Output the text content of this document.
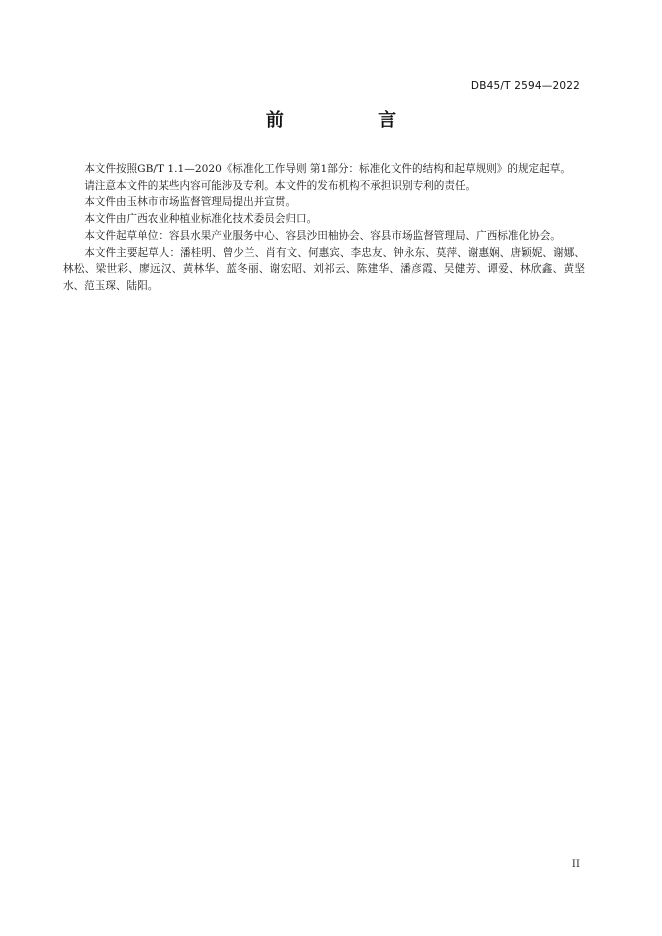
DB45/T 2594—2022
前 言

本文件按照GB/T 1.1—2020《标准化工作导则 第1部分：标准化文件的结构和起草规则》的规定起草。

请注意本文件的某些内容可能涉及专利。本文件的发布机构不承担识别专利的责任。

本文件由玉林市市场监督管理局提出并宣贯。

本文件由广西农业种植业标准化技术委员会归口。

本文件起草单位：容县水果产业服务中心、容县沙田柚协会、容县市场监督管理局、广西标准化协会。

本文件主要起草人：潘桂明、曾少兰、肖有文、何惠宾、李忠友、钟永东、莫萍、谢惠娴、唐颖妮、谢娜、林松、梁世彩、廖远汉、黄林华、蓝冬丽、谢宏昭、刘祁云、陈建华、潘彦霞、吴健芳、谭爱、林欣鑫、黄坚水、范玉琛、陆阳。

II
